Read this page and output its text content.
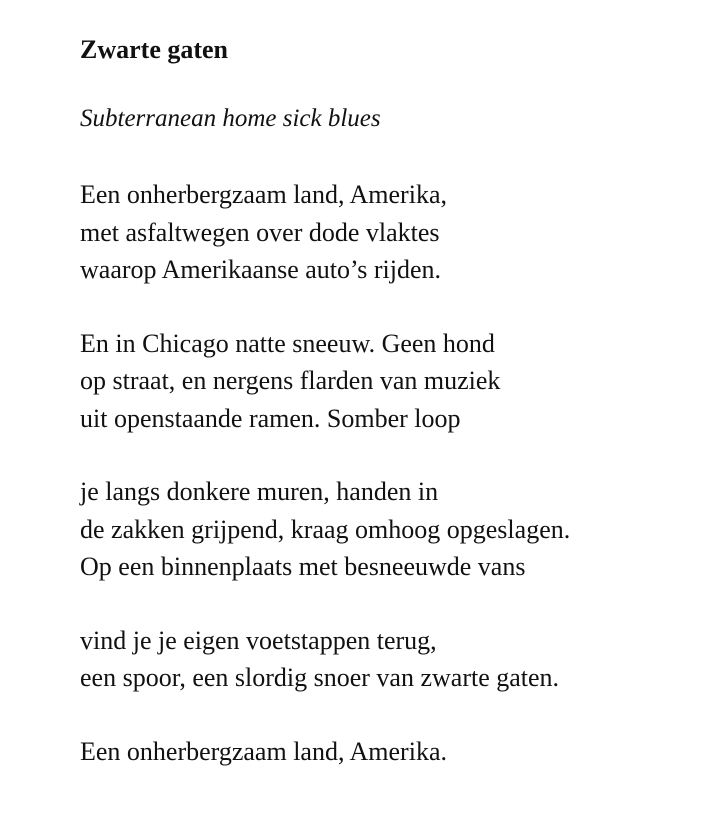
Zwarte gaten

Subterranean home sick blues

Een onherbergzaam land, Amerika,
met asfaltwegen over dode vlaktes
waarop Amerikaanse auto’s rijden.
En in Chicago natte sneeuw. Geen hond
op straat, en nergens flarden van muziek
uit openstaande ramen. Somber loop
je langs donkere muren, handen in
de zakken grijpend, kraag omhoog opgeslagen.
Op een binnenplaats met besneeuwde vans
vind je je eigen voetstappen terug,
een spoor, een slordig snoer van zwarte gaten.
Een onherbergzaam land, Amerika.
